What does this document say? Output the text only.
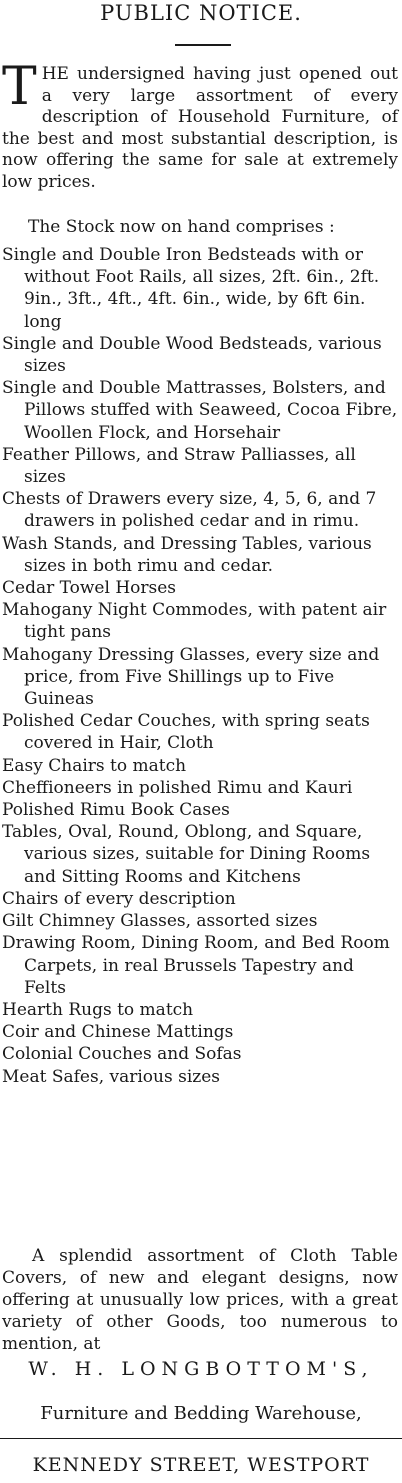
PUBLIC NOTICE.
T HE undersigned having just opened out a very large assortment of every description of Household Furniture, of the best and most substantial description, is now offering the same for sale at extremely low prices.
The Stock now on hand comprises :
Single and Double Iron Bedsteads with or without Foot Rails, all sizes, 2ft. 6in., 2ft. 9in., 3ft., 4ft., 4ft. 6in., wide, by 6ft 6in. long
Single and Double Wood Bedsteads, various sizes
Single and Double Mattrasses, Bolsters, and Pillows stuffed with Seaweed, Cocoa Fibre, Woollen Flock, and Horsehair
Feather Pillows, and Straw Palliasses, all sizes
Chests of Drawers every size, 4, 5, 6, and 7 drawers in polished cedar and in rimu.
Wash Stands, and Dressing Tables, various sizes in both rimu and cedar.
Cedar Towel Horses
Mahogany Night Commodes, with patent air tight pans
Mahogany Dressing Glasses, every size and price, from Five Shillings up to Five Guineas
Polished Cedar Couches, with spring seats covered in Hair, Cloth
Easy Chairs to match
Cheffioneers in polished Rimu and Kauri
Polished Rimu Book Cases
Tables, Oval, Round, Oblong, and Square, various sizes, suitable for Dining Rooms and Sitting Rooms and Kitchens
Chairs of every description
Gilt Chimney Glasses, assorted sizes
Drawing Room, Dining Room, and Bed Room Carpets, in real Brussels Tapestry and Felts
Hearth Rugs to match
Coir and Chinese Mattings
Colonial Couches and Sofas
Meat Safes, various sizes
A splendid assortment of Cloth Table Covers, of new and elegant designs, now offering at unusually low prices, with a great variety of other Goods, too numerous to mention, at
W. H. LONGBOTTOM'S,
Furniture and Bedding Warehouse,
KENNEDY STREET, WESTPORT
